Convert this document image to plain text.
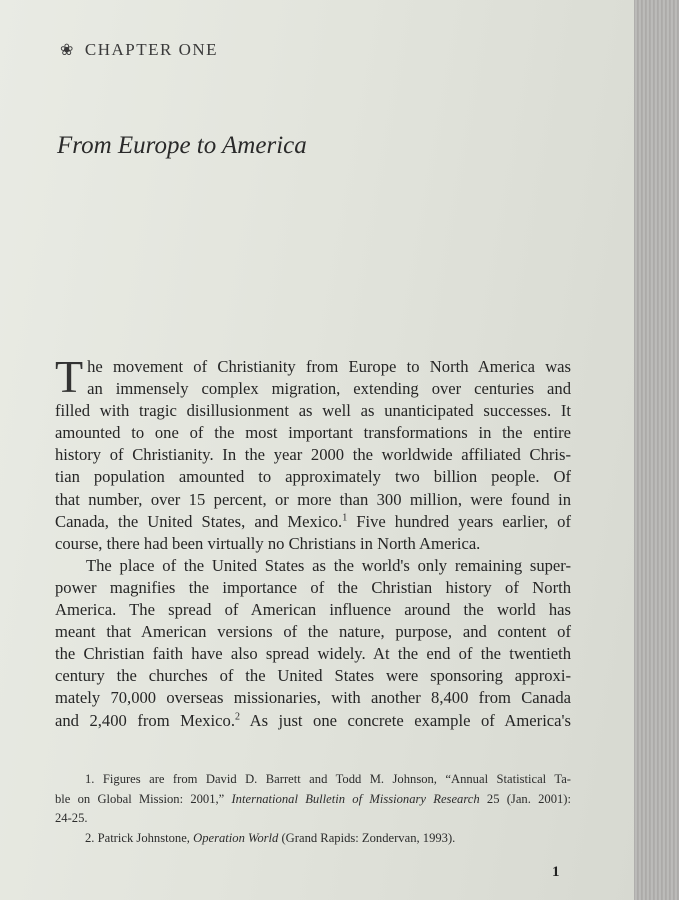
❀ CHAPTER ONE
From Europe to America
T he movement of Christianity from Europe to North America was
an immensely complex migration, extending over centuries and
filled with tragic disillusionment as well as unanticipated successes. It
amounted to one of the most important transformations in the entire
history of Christianity. In the year 2000 the worldwide affiliated Chris-
tian population amounted to approximately two billion people. Of
that number, over 15 percent, or more than 300 million, were found in
Canada, the United States, and Mexico.$^1$ Five hundred years earlier, of
course, there had been virtually no Christians in North America.
The place of the United States as the world's only remaining super-
power magnifies the importance of the Christian history of North
America. The spread of American influence around the world has
meant that American versions of the nature, purpose, and content of
the Christian faith have also spread widely. At the end of the twentieth
century the churches of the United States were sponsoring approxi-
mately 70,000 overseas missionaries, with another 8,400 from Canada
and 2,400 from Mexico.$^2$ As just one concrete example of America's
1. Figures are from David D. Barrett and Todd M. Johnson, “Annual Statistical Ta-
ble on Global Mission: 2001,” International Bulletin of Missionary Research 25 (Jan. 2001):
24-25.
2. Patrick Johnstone, Operation World (Grand Rapids: Zondervan, 1993).
1
